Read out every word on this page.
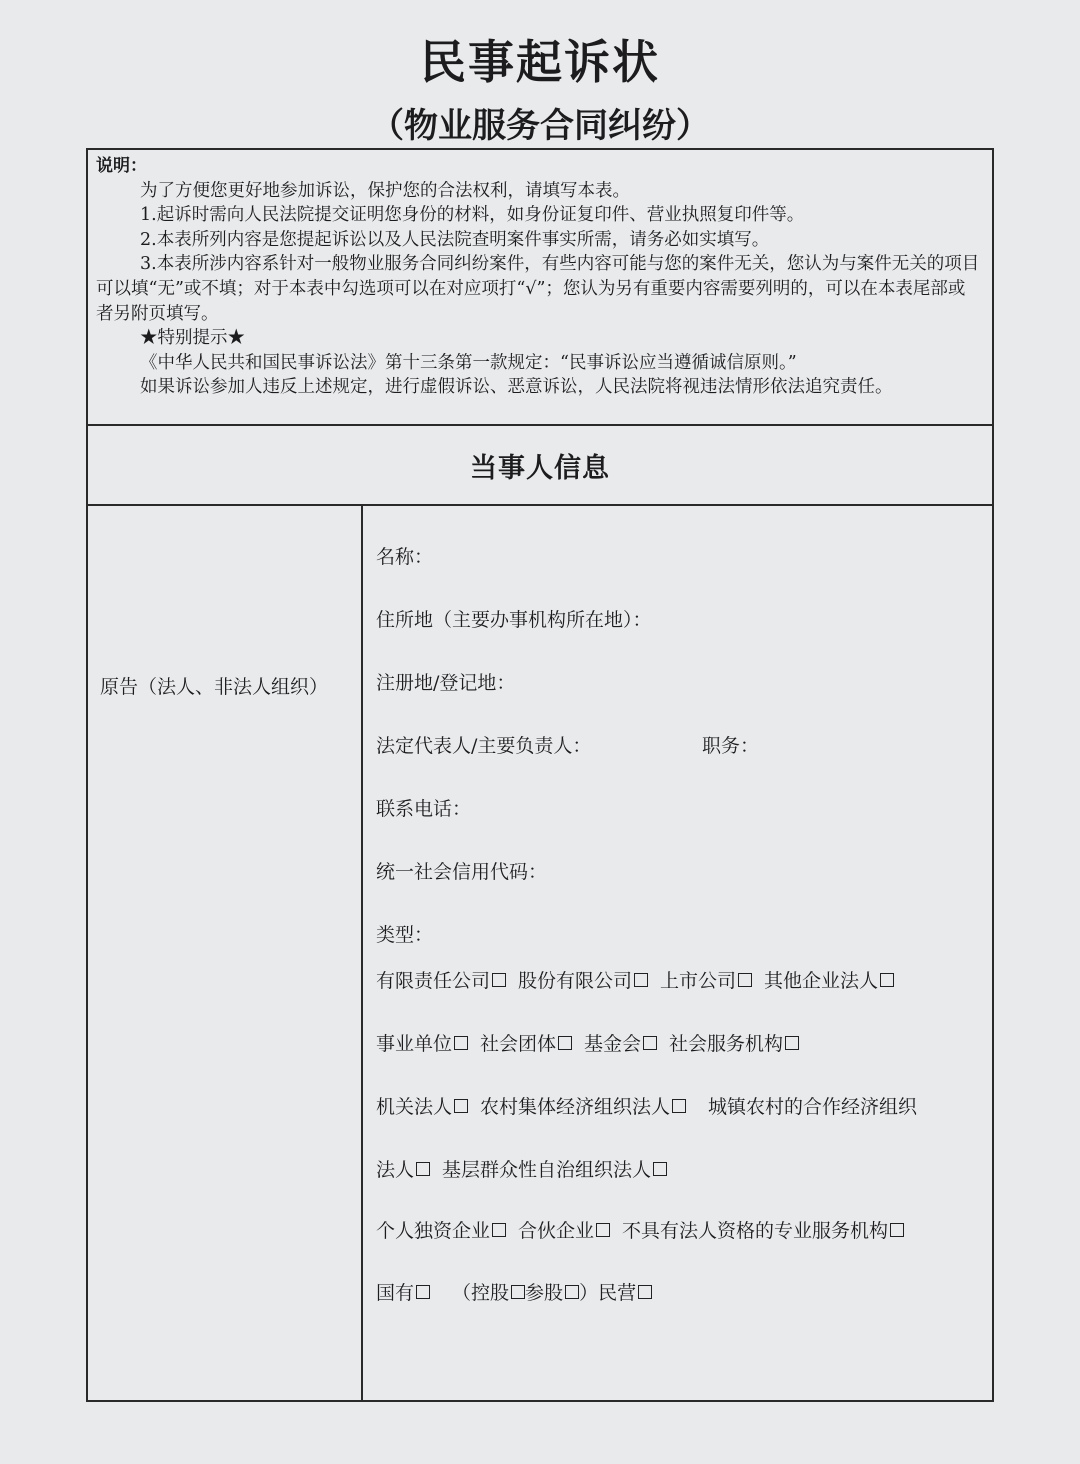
民事起诉状
（物业服务合同纠纷）
说明：
为了方便您更好地参加诉讼，保护您的合法权利，请填写本表。
1.起诉时需向人民法院提交证明您身份的材料，如身份证复印件、营业执照复印件等。
2.本表所列内容是您提起诉讼以及人民法院查明案件事实所需，请务必如实填写。
3.本表所涉内容系针对一般物业服务合同纠纷案件，有些内容可能与您的案件无关，您认为与案件无关的项目可以填“无”或不填；对于本表中勾选项可以在对应项打“√”；您认为另有重要内容需要列明的，可以在本表尾部或者另附页填写。
★特别提示★
《中华人民共和国民事诉讼法》第十三条第一款规定：“民事诉讼应当遵循诚信原则。”
如果诉讼参加人违反上述规定，进行虚假诉讼、恶意诉讼，人民法院将视违法情形依法追究责任。
当事人信息
原告（法人、非法人组织）
名称：
住所地（主要办事机构所在地）：
注册地/登记地：
法定代表人/主要负责人：	职务：
联系电话：
统一社会信用代码：
类型：
有限责任公司 股份有限公司 上市公司 其他企业法人
事业单位 社会团体 基金会 社会服务机构
机关法人 农村集体经济组织法人 城镇农村的合作经济组织
法人 基层群众性自治组织法人
个人独资企业 合伙企业 不具有法人资格的专业服务机构
国有 （ 控股 参股 ） 民营
